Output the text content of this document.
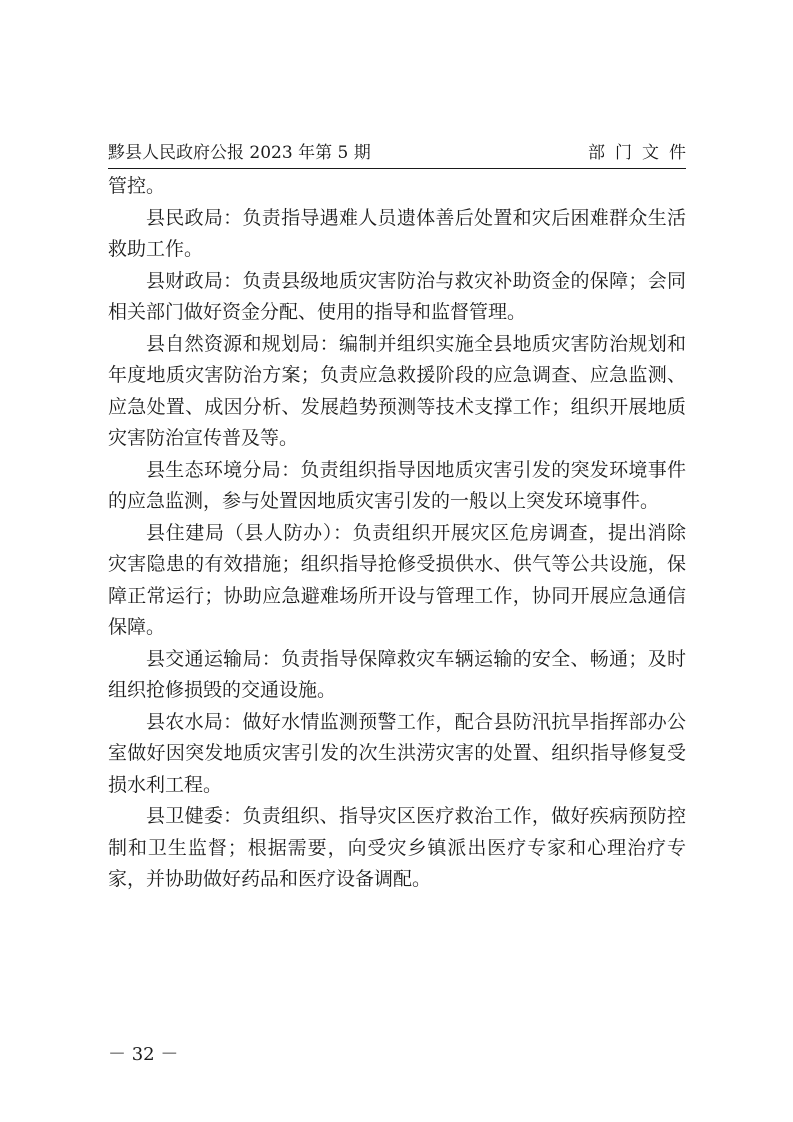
黟县人民政府公报 2023 年第 5 期	部门文件

管控。

县民政局：负责指导遇难人员遗体善后处置和灾后困难群众生活救助工作。

县财政局：负责县级地质灾害防治与救灾补助资金的保障；会同相关部门做好资金分配、使用的指导和监督管理。

县自然资源和规划局：编制并组织实施全县地质灾害防治规划和年度地质灾害防治方案；负责应急救援阶段的应急调查、应急监测、应急处置、成因分析、发展趋势预测等技术支撑工作；组织开展地质灾害防治宣传普及等。

县生态环境分局：负责组织指导因地质灾害引发的突发环境事件的应急监测，参与处置因地质灾害引发的一般以上突发环境事件。

县住建局（县人防办）：负责组织开展灾区危房调查，提出消除灾害隐患的有效措施；组织指导抢修受损供水、供气等公共设施，保障正常运行；协助应急避难场所开设与管理工作，协同开展应急通信保障。

县交通运输局：负责指导保障救灾车辆运输的安全、畅通；及时组织抢修损毁的交通设施。

县农水局：做好水情监测预警工作，配合县防汛抗旱指挥部办公室做好因突发地质灾害引发的次生洪涝灾害的处置、组织指导修复受损水利工程。

县卫健委：负责组织、指导灾区医疗救治工作，做好疾病预防控制和卫生监督；根据需要，向受灾乡镇派出医疗专家和心理治疗专家，并协助做好药品和医疗设备调配。

－ 32 －
